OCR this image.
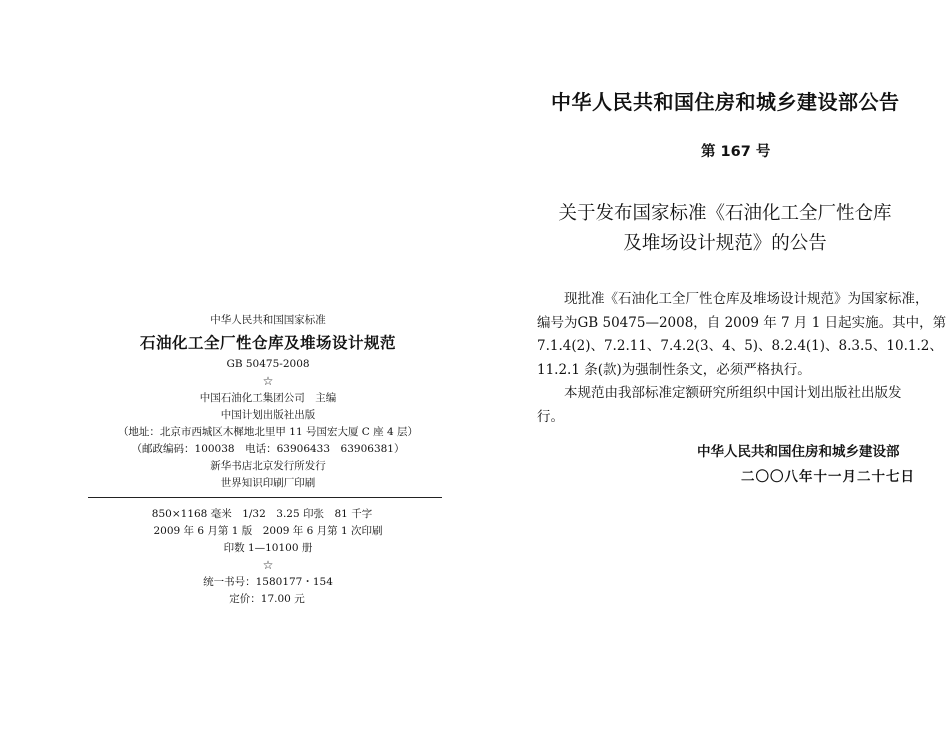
中华人民共和国国家标准
石油化工全厂性仓库及堆场设计规范
GB 50475-2008
☆
中国石油化工集团公司　主编
中国计划出版社出版
（地址：北京市西城区木樨地北里甲 11 号国宏大厦 C 座 4 层）
（邮政编码：100038　电话：63906433　63906381）
新华书店北京发行所发行
世界知识印刷厂印刷
850×1168 毫米　1/32　3.25 印张　81 千字
2009 年 6 月第 1 版　2009 年 6 月第 1 次印刷
印数 1—10100 册
☆
统一书号：1580177・154
定价：17.00 元
中华人民共和国住房和城乡建设部公告
第 167 号
关于发布国家标准《石油化工全厂性仓库
及堆场设计规范》的公告
现批准《石油化工全厂性仓库及堆场设计规范》为国家标准，
编号为GB 50475—2008，自 2009 年 7 月 1 日起实施。其中，第
7.1.4(2)、7.2.11、7.4.2(3、4、5)、8.2.4(1)、8.3.5、10.1.2、
11.2.1 条(款)为强制性条文，必须严格执行。
本规范由我部标准定额研究所组织中国计划出版社出版发
行。
中华人民共和国住房和城乡建设部
二〇〇八年十一月二十七日
